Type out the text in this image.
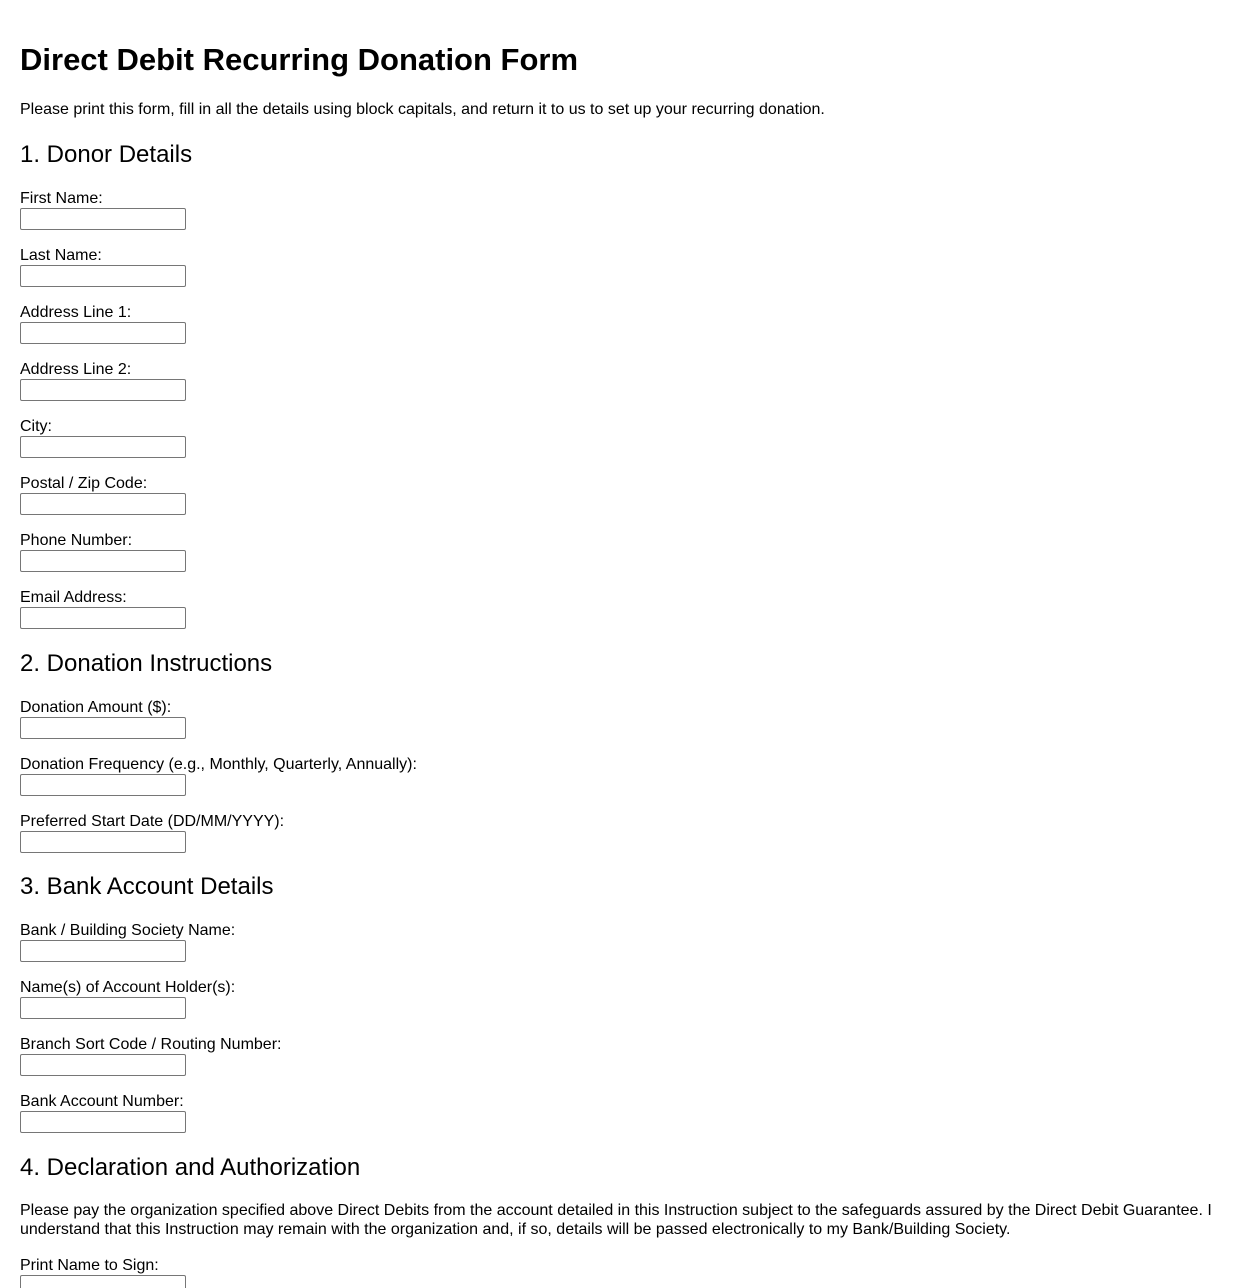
Direct Debit Recurring Donation Form

Please print this form, fill in all the details using block capitals, and return it to us to set up your recurring donation.

1. Donor Details
First Name:
Last Name:
Address Line 1:
Address Line 2:
City:
Postal / Zip Code:
Phone Number:
Email Address:
2. Donation Instructions
Donation Amount ($):
Donation Frequency (e.g., Monthly, Quarterly, Annually):
Preferred Start Date (DD/MM/YYYY):
3. Bank Account Details
Bank / Building Society Name:
Name(s) of Account Holder(s):
Branch Sort Code / Routing Number:
Bank Account Number:
4. Declaration and Authorization

Please pay the organization specified above Direct Debits from the account detailed in this Instruction subject to the safeguards assured by the Direct Debit Guarantee. I understand that this Instruction may remain with the organization and, if so, details will be passed electronically to my Bank/Building Society.

Print Name to Sign:
